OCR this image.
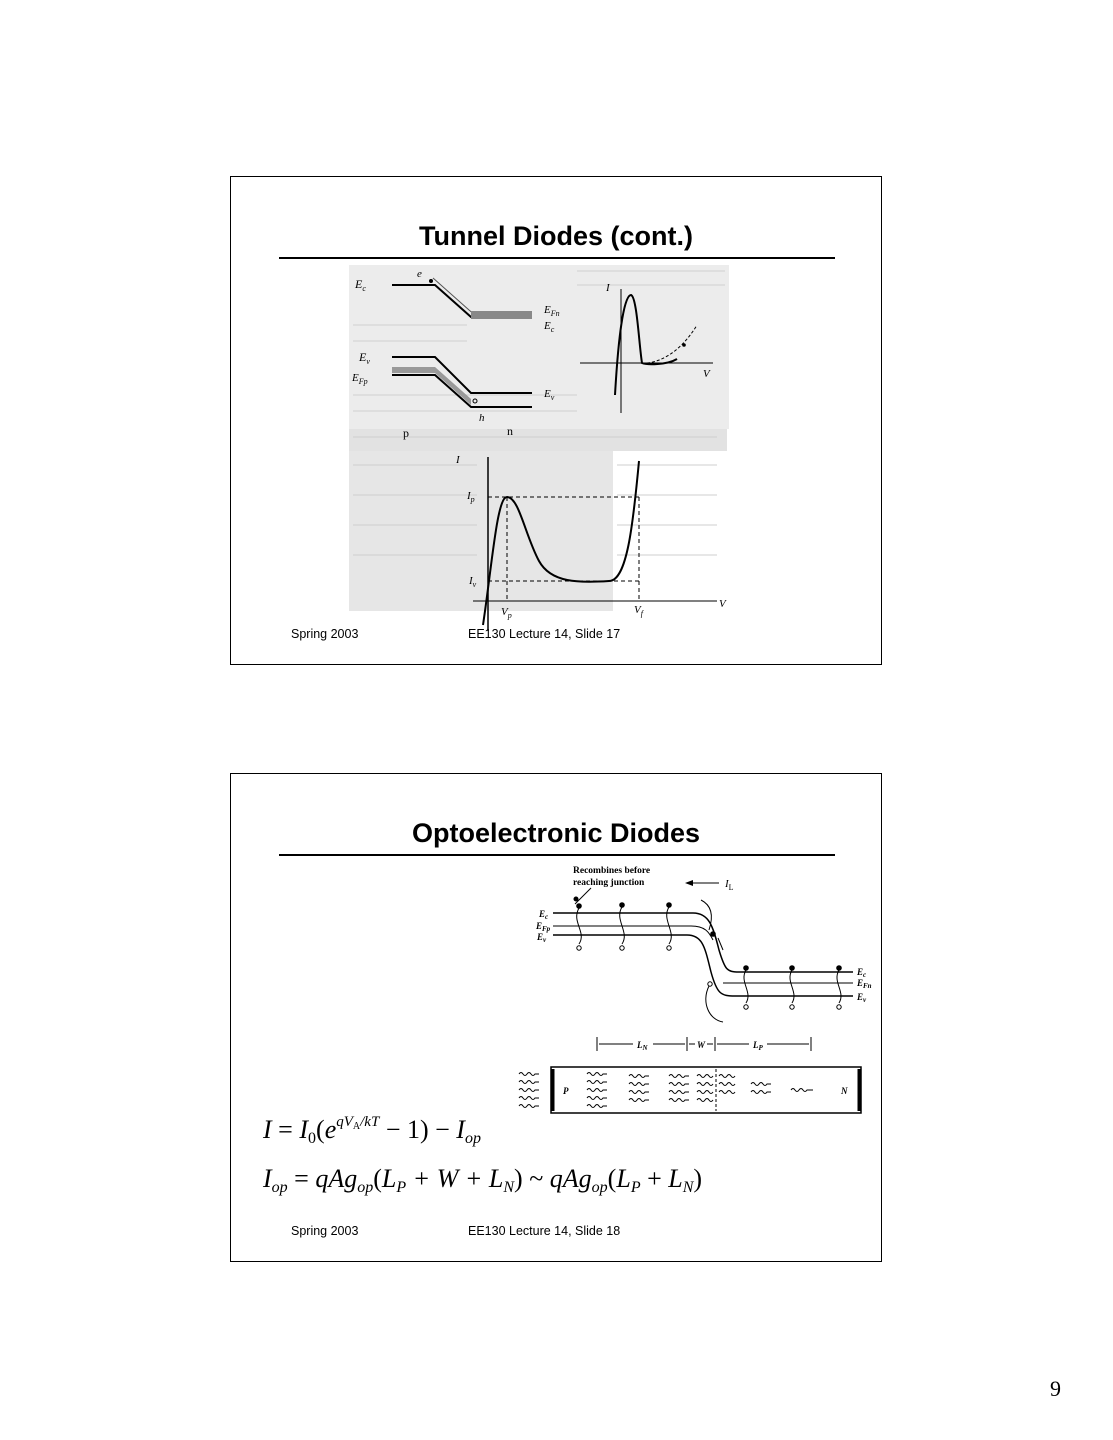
Tunnel Diodes (cont.)
$E_c$
e
$E_{Fn}$
$E_c$
$E_v$
$E_{Fp}$
$E_v$
h
p	n
I
V
I
V
$I_p$
$I_v$
$V_p$	$V_f$
Spring 2003	EE130 Lecture 14, Slide 17
Optoelectronic Diodes
Recombines before
reaching junction	$I_L$
$E_c$
$E_{Fp}$
$E_v$
$E_c$
$E_{Fn}$
$E_v$
$L_N$	W	$L_P$
P	N
$I = I_0(e^{qV_A/kT} - 1) - I_{op}$
$I_{op} = qAg_{op}(L_P + W + L_N)$ ~ $qAg_{op}(L_P + L_N)$
Spring 2003	EE130 Lecture 14, Slide 18
9
